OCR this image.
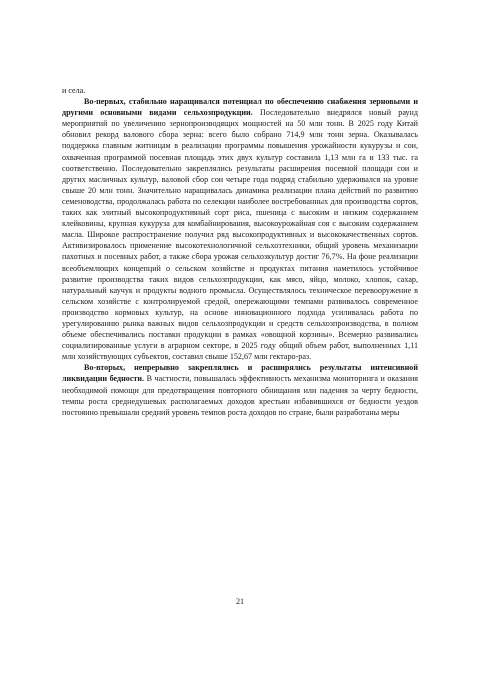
и села.

Во-первых, стабильно наращивался потенциал по обеспечению снабжения зерновыми и другими основными видами сельхозпродукции. Последовательно внедрялся новый раунд мероприятий по увеличению зернопроизводящих мощностей на 50 млн тонн. В 2025 году Китай обновил рекорд валового сбора зерна: всего было собрано 714,9 млн тонн зерна. Оказывалась поддержка главным житницам в реализации программы повышения урожайности кукурузы и сои, охваченная программой посевная площадь этих двух культур составила 1,13 млн га и 133 тыс. га соответственно. Последовательно закреплялись результаты расширения посевной площади сои и других масличных культур, валовой сбор сои четыре года подряд стабильно удерживался на уровне свыше 20 млн тонн. Значительно наращивалась динамика реализации плана действий по развитию семеноводства, продолжалась работа по селекции наиболее востребованных для производства сортов, таких как элитный высокопродуктивный сорт риса, пшеница с высоким и низким содержанием клейковины, крупная кукуруза для комбайнирования, высокоурожайная соя с высоким содержанием масла. Широкое распространение получил ряд высокопродуктивных и высококачественных сортов. Активизировалось применение высокотехнологичной сельхозтехники, общий уровень механизации пахотных и посевных работ, а также сбора урожая сельхозкультур достиг 76,7%. На фоне реализации всеобъемлющих концепций о сельском хозяйстве и продуктах питания наметилось устойчивое развитие производства таких видов сельхозпродукции, как мясо, яйцо, молоко, хлопок, сахар, натуральный каучук и продукты водного промысла. Осуществлялось техническое перевооружение в сельском хозяйстве с контролируемой средой, опережающими темпами развивалось современное производство кормовых культур, на основе инновационного подхода усиливалась работа по урегулированию рынка важных видов сельхозпродукции и средств сельхозпроизводства, в полном объеме обеспечивались поставки продукции в рамках «овощной корзины». Всемерно развивались социализированные услуги в аграрном секторе, в 2025 году общий объем работ, выполненных 1,11 млн хозяйствующих субъектов, составил свыше 152,67 млн гектаро-раз.

Во-вторых, непрерывно закреплялись и расширялись результаты интенсивной ликвидации бедности. В частности, повышалась эффективность механизма мониторинга и оказания необходимой помощи для предотвращения повторного обнищания или падения за черту бедности, темпы роста среднедушевых располагаемых доходов крестьян избавившихся от бедности уездов постоянно превышали средний уровень темпов роста доходов по стране, были разработаны меры

21
